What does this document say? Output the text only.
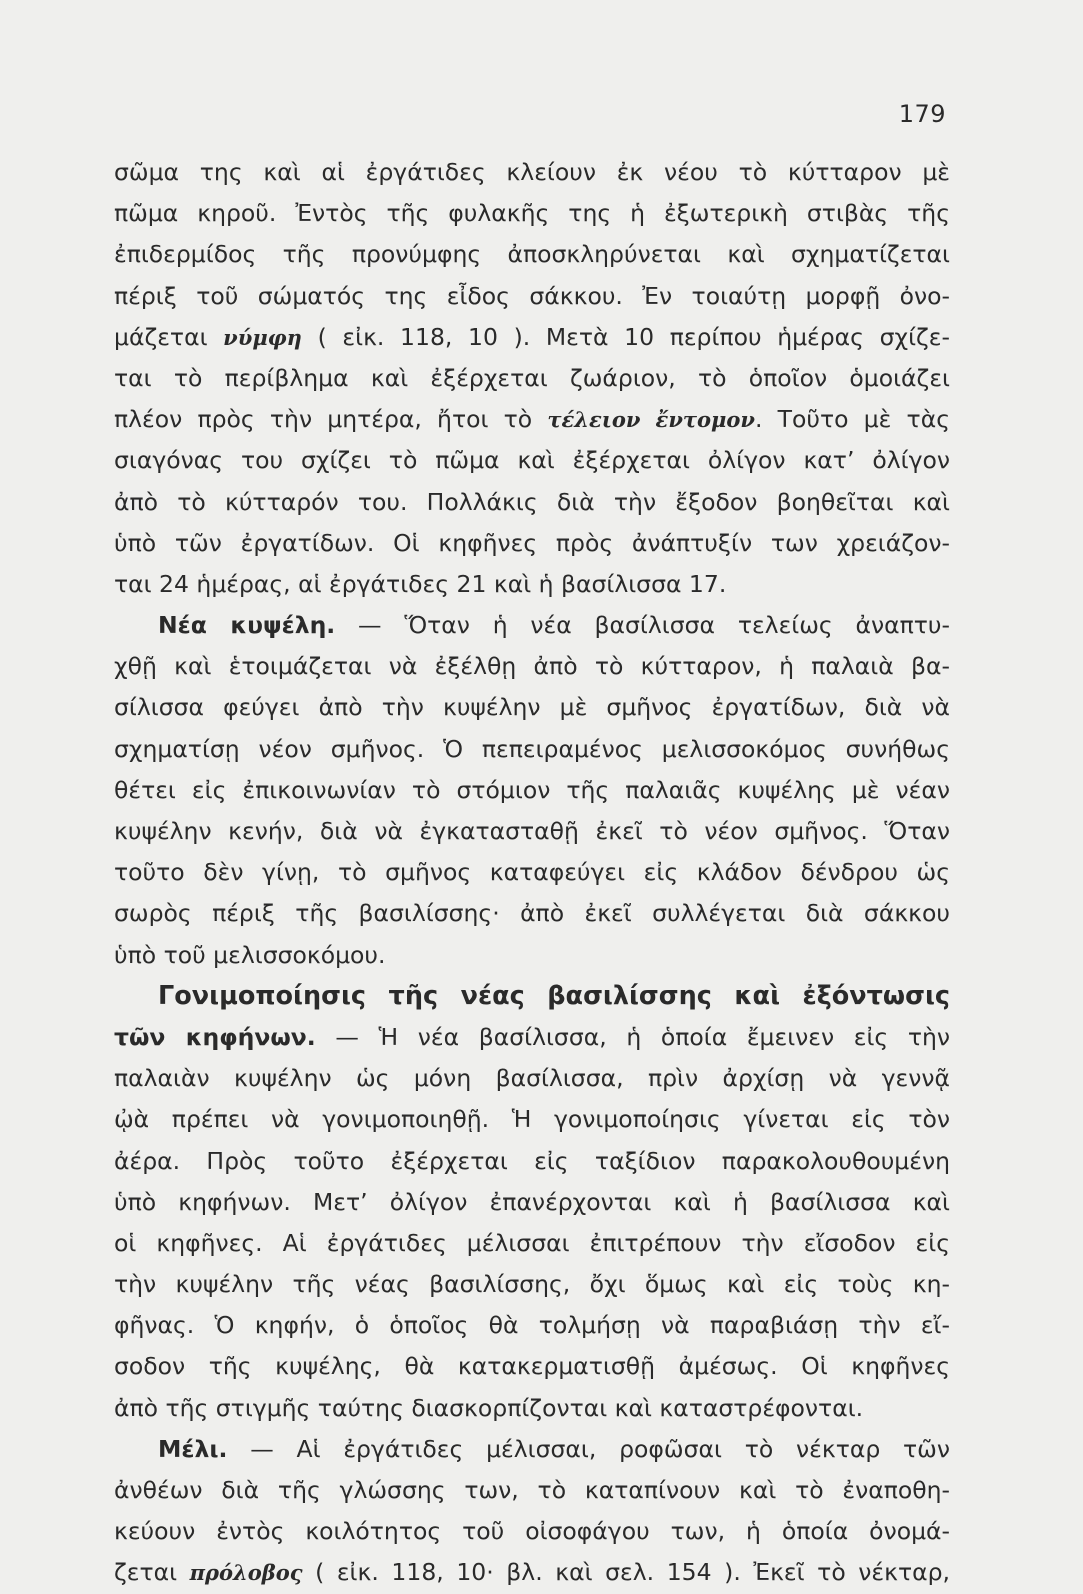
179
σῶμα της καὶ αἱ ἐργάτιδες κλείουν ἐκ νέου τὸ κύτταρον μὲ
πῶμα κηροῦ. Ἐντὸς τῆς φυλακῆς της ἡ ἐξωτερικὴ στιβὰς τῆς
ἐπιδερμίδος τῆς προνύμφης ἀποσκληρύνεται καὶ σχηματίζεται
πέριξ τοῦ σώματός της εἶδος σάκκου. Ἐν τοιαύτῃ μορφῇ ὀνο-
μάζεται νύμφη ( εἰκ. 118, 10 ). Μετὰ 10 περίπου ἡμέρας σχίζε-
ται τὸ περίβλημα καὶ ἐξέρχεται ζωάριον, τὸ ὁποῖον ὁμοιάζει
πλέον πρὸς τὴν μητέρα, ἤτοι τὸ τέλειον ἔντομον. Τοῦτο μὲ τὰς
σιαγόνας του σχίζει τὸ πῶμα καὶ ἐξέρχεται ὀλίγον κατ’ ὀλίγον
ἀπὸ τὸ κύτταρόν του. Πολλάκις διὰ τὴν ἔξοδον βοηθεῖται καὶ
ὑπὸ τῶν ἐργατίδων. Οἱ κηφῆνες πρὸς ἀνάπτυξίν των χρειάζον-
ται 24 ἡμέρας, αἱ ἐργάτιδες 21 καὶ ἡ βασίλισσα 17.
Νέα κυψέλη. — Ὅταν ἡ νέα βασίλισσα τελείως ἀναπτυ-
χθῇ καὶ ἑτοιμάζεται νὰ ἐξέλθῃ ἀπὸ τὸ κύτταρον, ἡ παλαιὰ βα-
σίλισσα φεύγει ἀπὸ τὴν κυψέλην μὲ σμῆνος ἐργατίδων, διὰ νὰ
σχηματίσῃ νέον σμῆνος. Ὁ πεπειραμένος μελισσοκόμος συνήθως
θέτει εἰς ἐπικοινωνίαν τὸ στόμιον τῆς παλαιᾶς κυψέλης μὲ νέαν
κυψέλην κενήν, διὰ νὰ ἐγκατασταθῇ ἐκεῖ τὸ νέον σμῆνος. Ὅταν
τοῦτο δὲν γίνῃ, τὸ σμῆνος καταφεύγει εἰς κλάδον δένδρου ὡς
σωρὸς πέριξ τῆς βασιλίσσης· ἀπὸ ἐκεῖ συλλέγεται διὰ σάκκου
ὑπὸ τοῦ μελισσοκόμου.
Γονιμοποίησις τῆς νέας βασιλίσσης καὶ ἐξόντωσις
τῶν κηφήνων. — Ἡ νέα βασίλισσα, ἡ ὁποία ἔμεινεν εἰς τὴν
παλαιὰν κυψέλην ὡς μόνη βασίλισσα, πρὶν ἀρχίσῃ νὰ γεννᾷ
ᾠὰ πρέπει νὰ γονιμοποιηθῇ. Ἡ γονιμοποίησις γίνεται εἰς τὸν
ἀέρα. Πρὸς τοῦτο ἐξέρχεται εἰς ταξίδιον παρακολουθουμένη
ὑπὸ κηφήνων. Μετ’ ὀλίγον ἐπανέρχονται καὶ ἡ βασίλισσα καὶ
οἱ κηφῆνες. Αἱ ἐργάτιδες μέλισσαι ἐπιτρέπουν τὴν εἴσοδον εἰς
τὴν κυψέλην τῆς νέας βασιλίσσης, ὄχι ὅμως καὶ εἰς τοὺς κη-
φῆνας. Ὁ κηφήν, ὁ ὁποῖος θὰ τολμήσῃ νὰ παραβιάσῃ τὴν εἴ-
σοδον τῆς κυψέλης, θὰ κατακερματισθῇ ἀμέσως. Οἱ κηφῆνες
ἀπὸ τῆς στιγμῆς ταύτης διασκορπίζονται καὶ καταστρέφονται.
Μέλι. — Αἱ ἐργάτιδες μέλισσαι, ροφῶσαι τὸ νέκταρ τῶν
ἀνθέων διὰ τῆς γλώσσης των, τὸ καταπίνουν καὶ τὸ ἐναποθη-
κεύουν ἐντὸς κοιλότητος τοῦ οἰσοφάγου των, ἡ ὁποία ὀνομά-
ζεται πρόλοβος ( εἰκ. 118, 10· βλ. καὶ σελ. 154 ). Ἐκεῖ τὸ νέκταρ,
